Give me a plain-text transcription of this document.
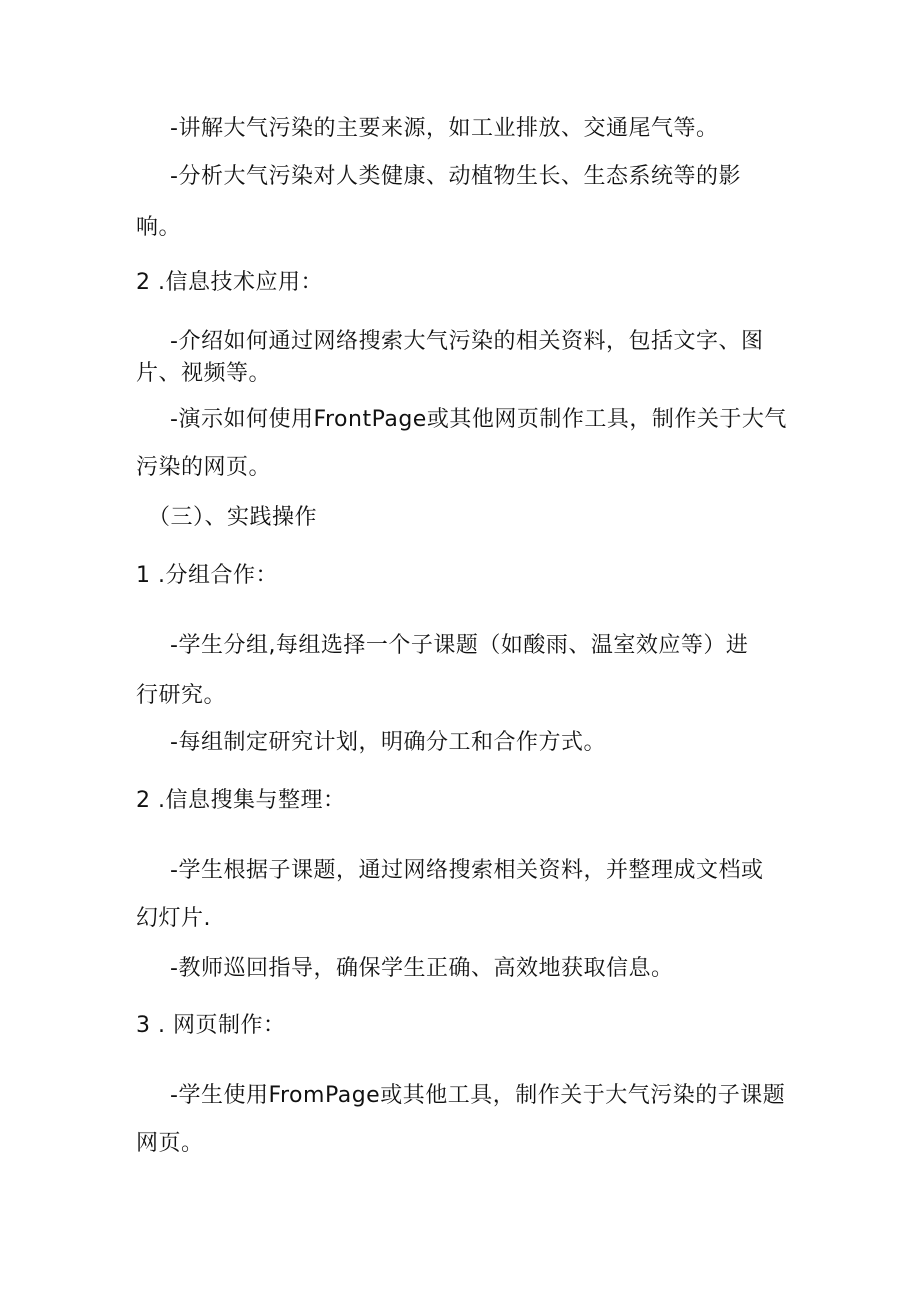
-讲解大气污染的主要来源，如工业排放、交通尾气等。
-分析大气污染对人类健康、动植物生长、生态系统等的影
响。
2 .信息技术应用：
-介绍如何通过网络搜索大气污染的相关资料，包括文字、图
片、视频等。
-演示如何使用FrontPage或其他网页制作工具，制作关于大气
污染的网页。
（三）、实践操作
1 .分组合作：
-学生分组,每组选择一个子课题（如酸雨、温室效应等）进
行研究。
-每组制定研究计划，明确分工和合作方式。
2 .信息搜集与整理：
-学生根据子课题，通过网络搜索相关资料，并整理成文档或
幻灯片.
-教师巡回指导，确保学生正确、高效地获取信息。
3 . 网页制作：
-学生使用FromPage或其他工具，制作关于大气污染的子课题
网页。
